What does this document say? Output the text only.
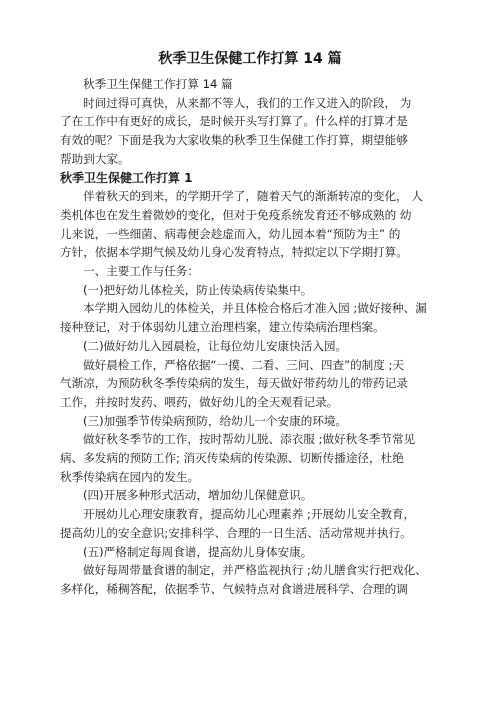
秋季卫生保健工作打算 14 篇

秋季卫生保健工作打算 14 篇

时间过得可真快，从来都不等人，我们的工作又进入的阶段， 为

了在工作中有更好的成长，是时候开头写打算了。什么样的打算才是

有效的呢？下面是我为大家收集的秋季卫生保健工作打算，期望能够

帮助到大家。

秋季卫生保健工作打算 1

伴着秋天的到来，的学期开学了，随着天气的渐渐转凉的变化， 人

类机体也在发生着微妙的变化，但对于免疫系统发育还不够成熟的 幼

儿来说，一些细菌、病毒便会趁虚而入，幼儿园本着“预防为主” 的

方针，依据本学期气候及幼儿身心发育特点，特拟定以下学期打算。

一、主要工作与任务：

(一)把好幼儿体检关，防止传染病传染集中。

本学期入园幼儿的体检关，并且体检合格后才准入园 ;做好接种、漏

接种登记，对于体弱幼儿建立治理档案，建立传染病治理档案。

(二)做好幼儿入园晨检，让每位幼儿安康快活入园。

做好晨检工作，严格依据“一摸、二看、三问、四查”的制度 ;天

气渐凉，为预防秋冬季传染病的发生，每天做好带药幼儿的带药记录

工作，并按时发药、喂药，做好幼儿的全天观看记录。

(三)加强季节传染病预防，给幼儿一个安康的环境。

做好秋冬季节的工作，按时帮幼儿脱、添衣服 ;做好秋冬季节常见

病、多发病的预防工作; 消灭传染病的传染源、切断传播途径，杜绝

秋季传染病在园内的发生。

(四)开展多种形式活动，增加幼儿保健意识。

开展幼儿心理安康教育，提高幼儿心理素养 ;开展幼儿安全教育，

提高幼儿的安全意识;安排科学、合理的一日生活、活动常规并执行。

(五)严格制定每周食谱，提高幼儿身体安康。

做好每周带量食谱的制定，并严格监视执行 ;幼儿膳食实行把戏化、

多样化，稀稠答配，依据季节、气候特点对食谱进展科学、合理的调
